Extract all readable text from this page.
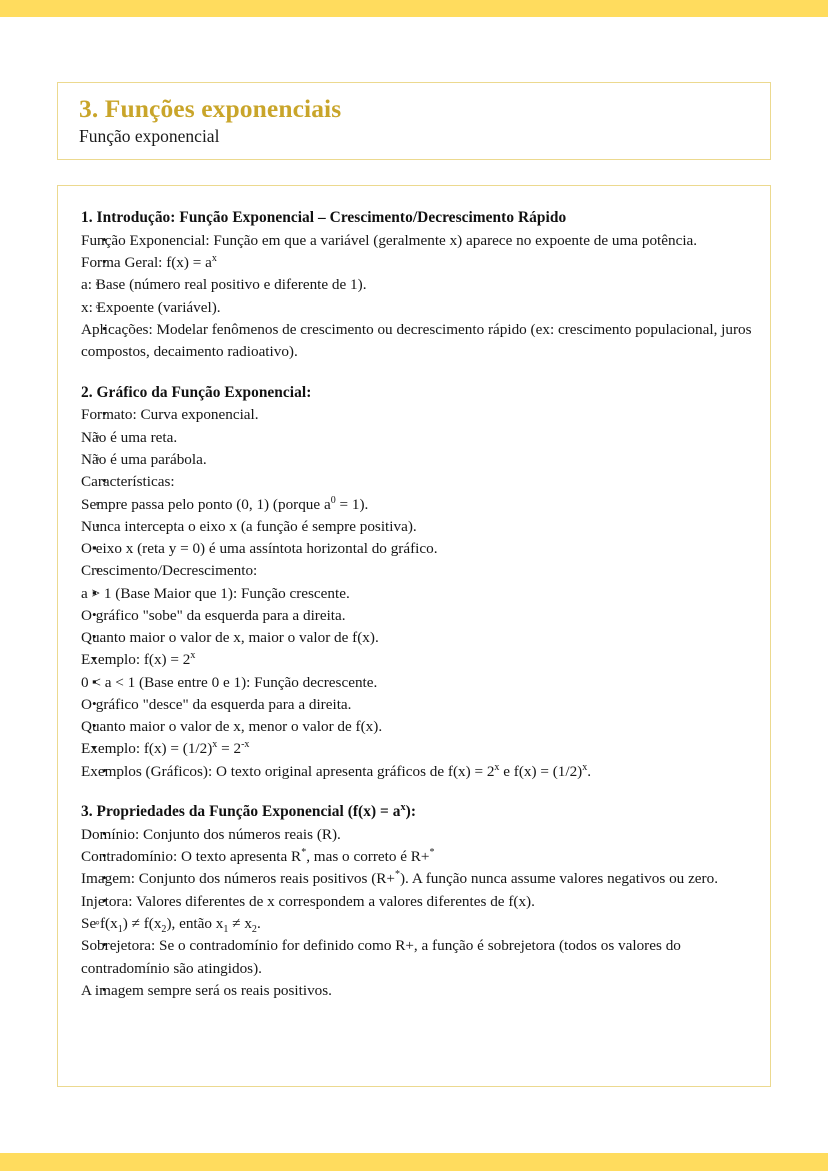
3. Funções exponenciais
Função exponencial
1. Introdução: Função Exponencial – Crescimento/Decrescimento Rápido
• Função Exponencial: Função em que a variável (geralmente x) aparece no expoente de uma potência.
• Forma Geral: $f(x) = a^x$
◦ a: Base (número real positivo e diferente de 1).
◦ x: Expoente (variável).
• Aplicações: Modelar fenômenos de crescimento ou decrescimento rápido (ex: crescimento populacional, juros compostos, decaimento radioativo).
2. Gráfico da Função Exponencial:
• Formato: Curva exponencial.
◦ Não é uma reta.
◦ Não é uma parábola.
• Características:
◦ Sempre passa pelo ponto (0, 1) (porque $a^0 = 1$).
◦ Nunca intercepta o eixo x (a função é sempre positiva).
▪ O eixo x (reta y = 0) é uma assíntota horizontal do gráfico.
◦ Crescimento/Decrescimento:
▪ a > 1 (Base Maior que 1): Função crescente.
• O gráfico "sobe" da esquerda para a direita.
• Quanto maior o valor de x, maior o valor de f(x).
• Exemplo: $f(x) = 2^x$
▪ 0 < a < 1 (Base entre 0 e 1): Função decrescente.
• O gráfico "desce" da esquerda para a direita.
• Quanto maior o valor de x, menor o valor de f(x).
• Exemplo: $f(x) = (1/2)^x = 2^{-x}$
• Exemplos (Gráficos): O texto original apresenta gráficos de $f(x) = 2^x$ e $f(x) = (1/2)^x$.
3. Propriedades da Função Exponencial $(f(x) = a^x)$:
• Domínio: Conjunto dos números reais (R).
• Contradomínio: O texto apresenta R*, mas o correto é R+*
• Imagem: Conjunto dos números reais positivos (R+*). A função nunca assume valores negativos ou zero.
• Injetora: Valores diferentes de x correspondem a valores diferentes de f(x).
◦ Se $f(x_1) \ne f(x_2)$, então $x_1 \ne x_2$.
• Sobrejetora: Se o contradomínio for definido como R+, a função é sobrejetora (todos os valores do contradomínio são atingidos).
• A imagem sempre será os reais positivos.
